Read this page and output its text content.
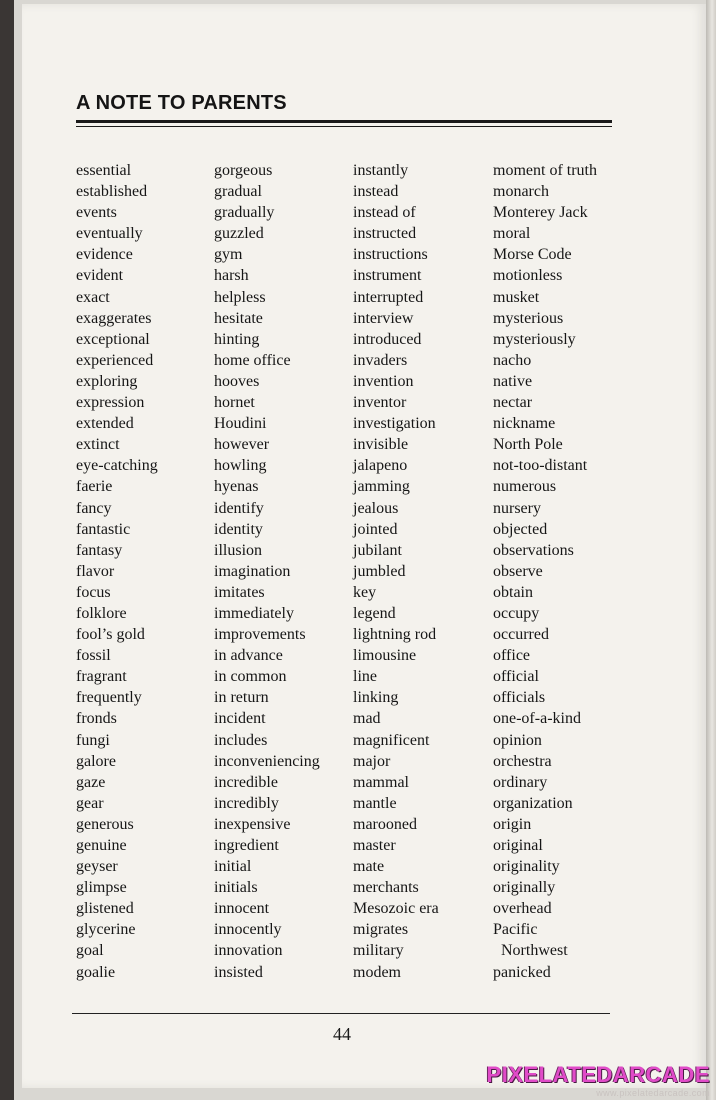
A NOTE TO PARENTS
essential
established
events
eventually
evidence
evident
exact
exaggerates
exceptional
experienced
exploring
expression
extended
extinct
eye-catching
faerie
fancy
fantastic
fantasy
flavor
focus
folklore
fool’s gold
fossil
fragrant
frequently
fronds
fungi
galore
gaze
gear
generous
genuine
geyser
glimpse
glistened
glycerine
goal
goalie
gorgeous
gradual
gradually
guzzled
gym
harsh
helpless
hesitate
hinting
home office
hooves
hornet
Houdini
however
howling
hyenas
identify
identity
illusion
imagination
imitates
immediately
improvements
in advance
in common
in return
incident
includes
inconveniencing
incredible
incredibly
inexpensive
ingredient
initial
initials
innocent
innocently
innovation
insisted
instantly
instead
instead of
instructed
instructions
instrument
interrupted
interview
introduced
invaders
invention
inventor
investigation
invisible
jalapeno
jamming
jealous
jointed
jubilant
jumbled
key
legend
lightning rod
limousine
line
linking
mad
magnificent
major
mammal
mantle
marooned
master
mate
merchants
Mesozoic era
migrates
military
modem
moment of truth
monarch
Monterey Jack
moral
Morse Code
motionless
musket
mysterious
mysteriously
nacho
native
nectar
nickname
North Pole
not-too-distant
numerous
nursery
objected
observations
observe
obtain
occupy
occurred
office
official
officials
one-of-a-kind
opinion
orchestra
ordinary
organization
origin
original
originality
originally
overhead
Pacific
Northwest
panicked
44
PIXELATEDARCADE
www.pixelatedarcade.com
